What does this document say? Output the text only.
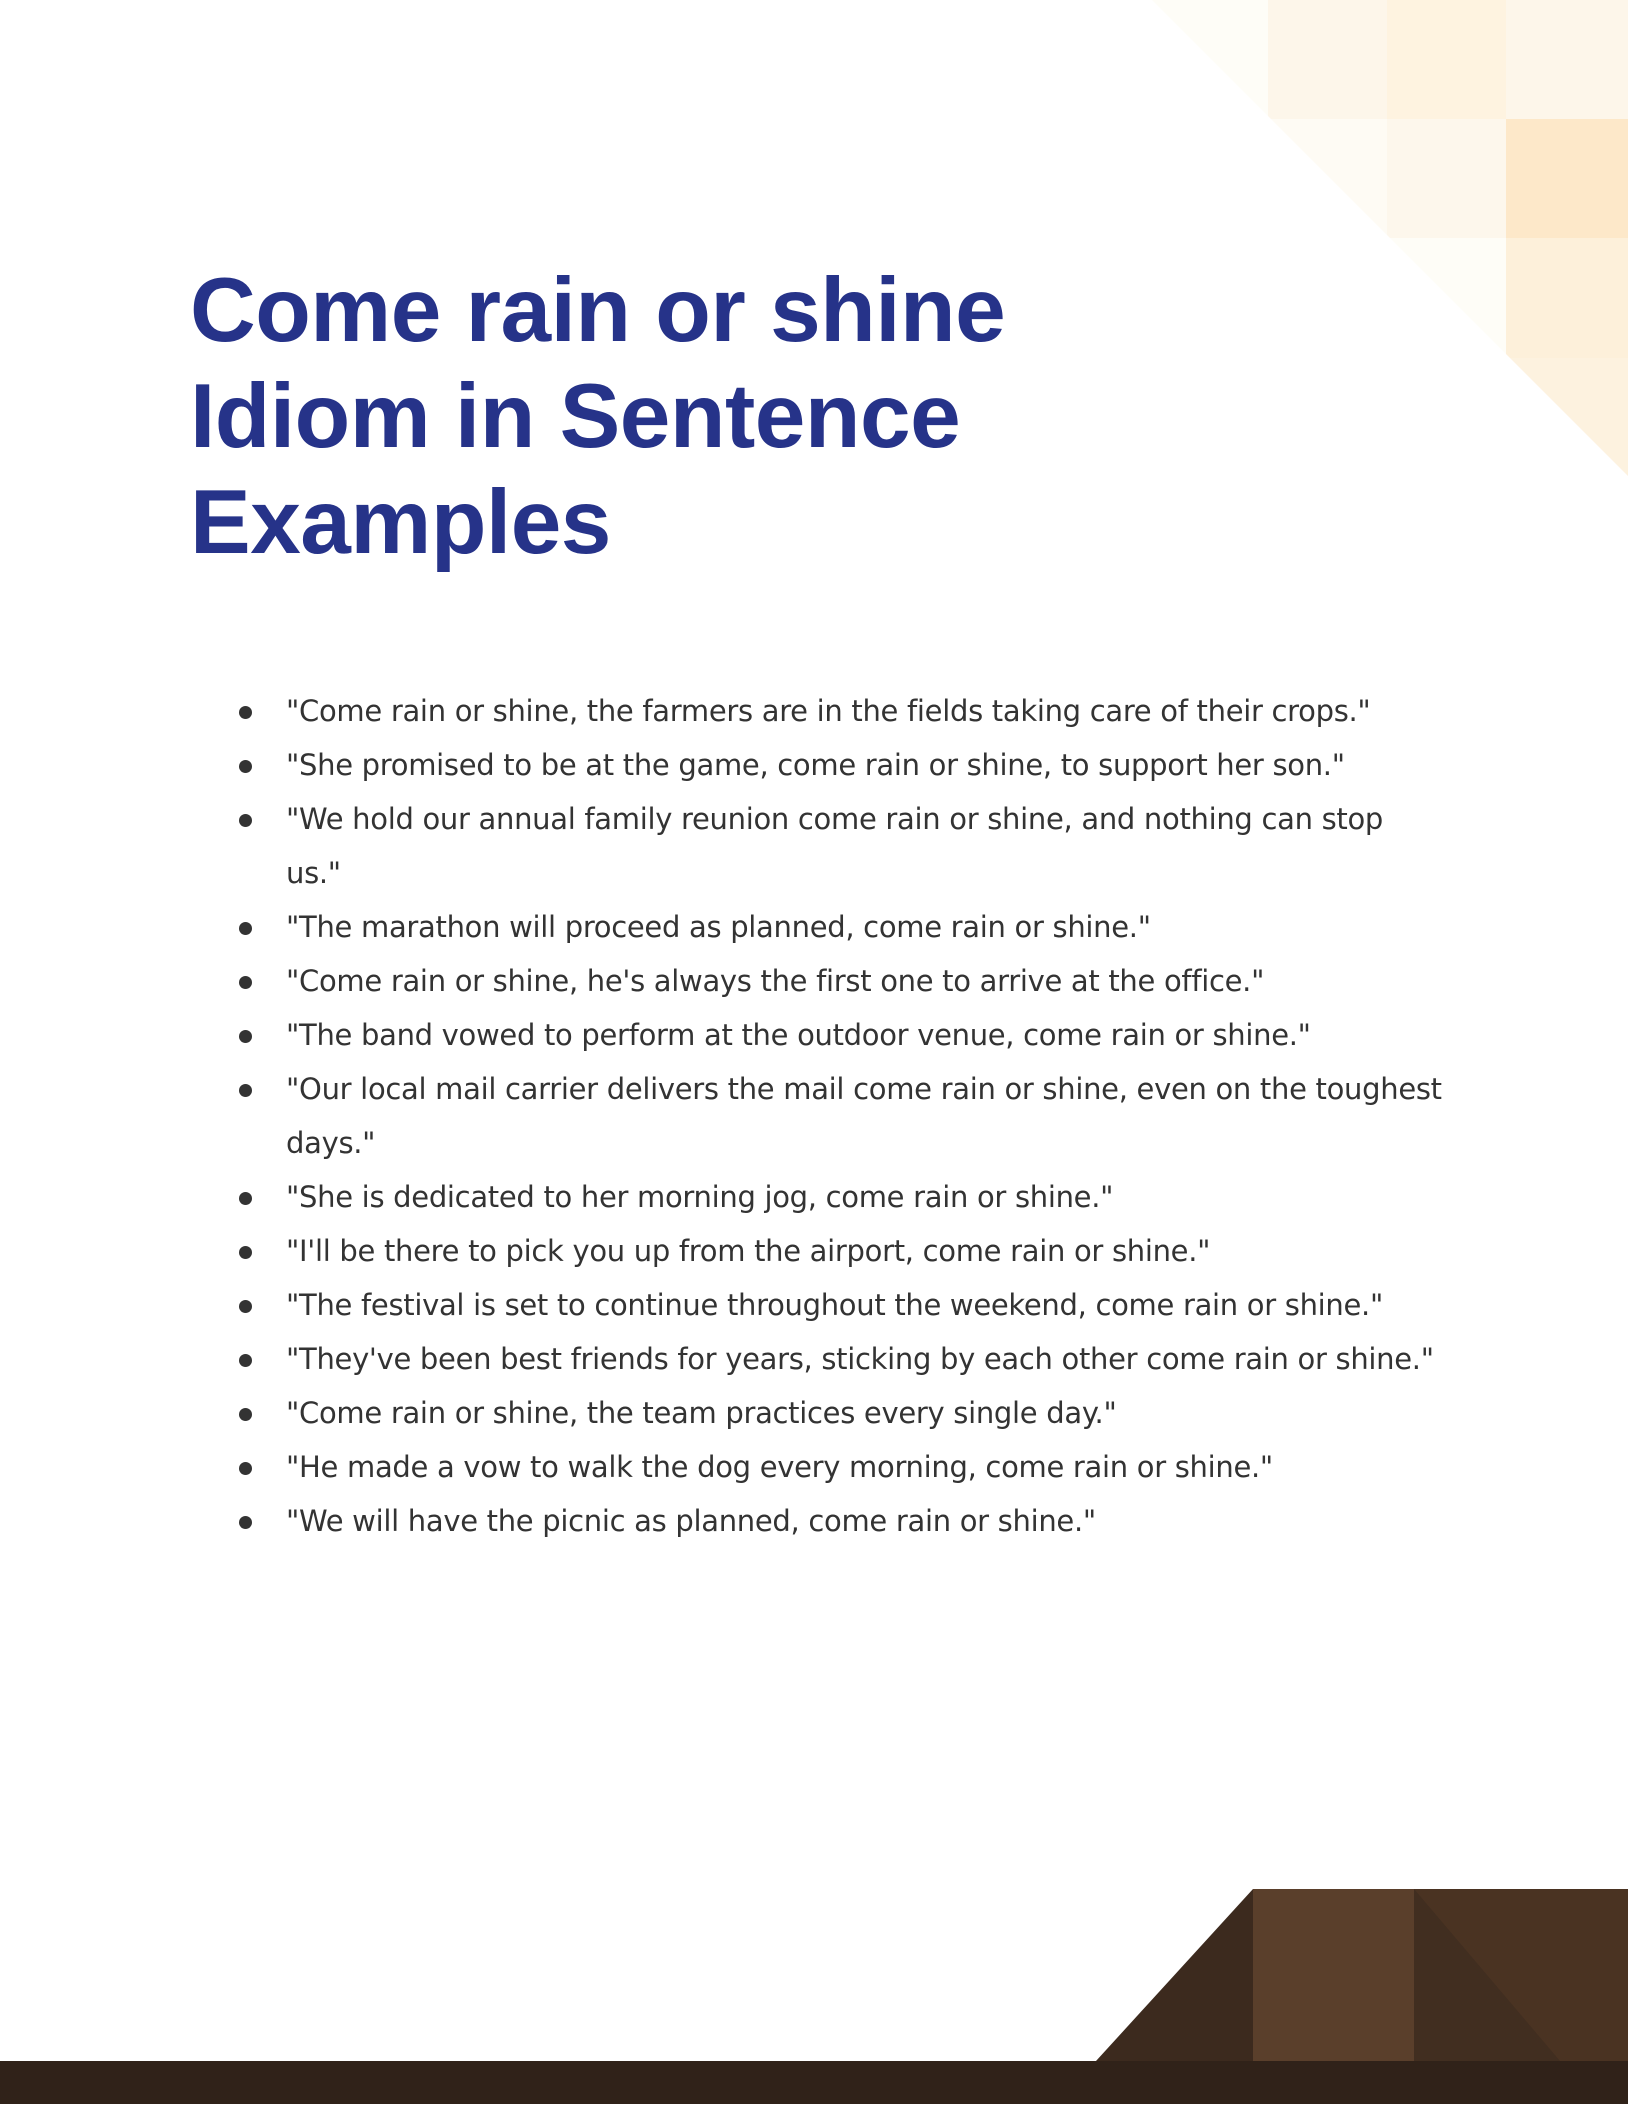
Come rain or shine
Idiom in Sentence
Examples
"Come rain or shine, the farmers are in the fields taking care of their crops."
"She promised to be at the game, come rain or shine, to support her son."
"We hold our annual family reunion come rain or shine, and nothing can stop us."
"The marathon will proceed as planned, come rain or shine."
"Come rain or shine, he's always the first one to arrive at the office."
"The band vowed to perform at the outdoor venue, come rain or shine."
"Our local mail carrier delivers the mail come rain or shine, even on the toughest days."
"She is dedicated to her morning jog, come rain or shine."
"I'll be there to pick you up from the airport, come rain or shine."
"The festival is set to continue throughout the weekend, come rain or shine."
"They've been best friends for years, sticking by each other come rain or shine."
"Come rain or shine, the team practices every single day."
"He made a vow to walk the dog every morning, come rain or shine."
"We will have the picnic as planned, come rain or shine."
